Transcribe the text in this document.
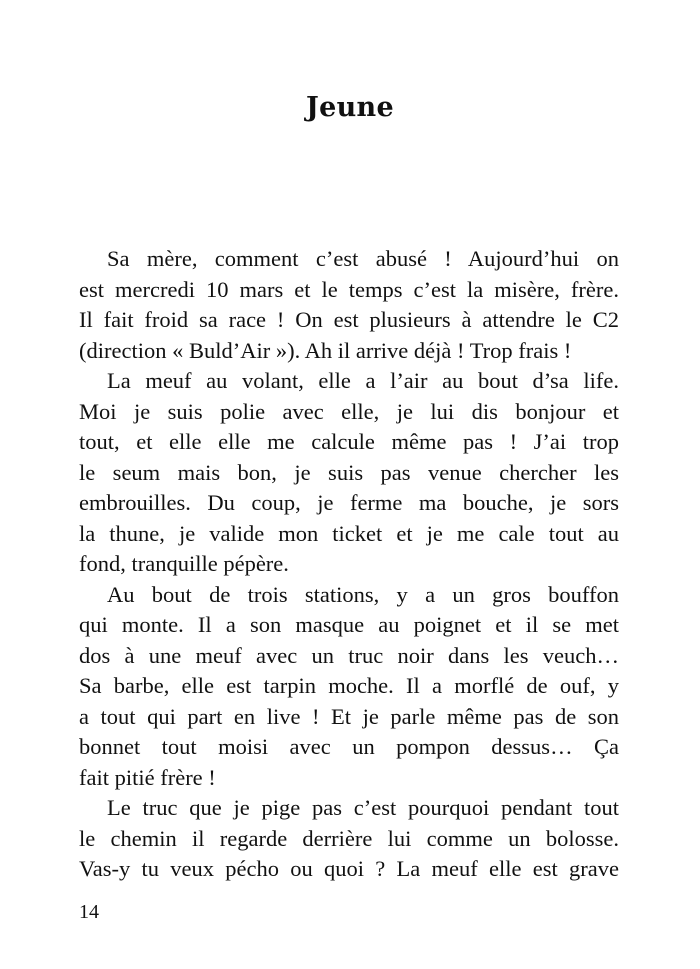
Jeune
Sa mère, comment c’est abusé ! Aujourd’hui on
est mercredi 10 mars et le temps c’est la misère, frère.
Il fait froid sa race ! On est plusieurs à attendre le C2
(direction « Buld’Air »). Ah il arrive déjà ! Trop frais !
La meuf au volant, elle a l’air au bout d’sa life.
Moi je suis polie avec elle, je lui dis bonjour et
tout, et elle elle me calcule même pas ! J’ai trop
le seum mais bon, je suis pas venue chercher les
embrouilles. Du coup, je ferme ma bouche, je sors
la thune, je valide mon ticket et je me cale tout au
fond, tranquille pépère.
Au bout de trois stations, y a un gros bouffon
qui monte. Il a son masque au poignet et il se met
dos à une meuf avec un truc noir dans les veuch…
Sa barbe, elle est tarpin moche. Il a morflé de ouf, y
a tout qui part en live ! Et je parle même pas de son
bonnet tout moisi avec un pompon dessus… Ça
fait pitié frère !
Le truc que je pige pas c’est pourquoi pendant tout
le chemin il regarde derrière lui comme un bolosse.
Vas-y tu veux pécho ou quoi ? La meuf elle est grave
14
